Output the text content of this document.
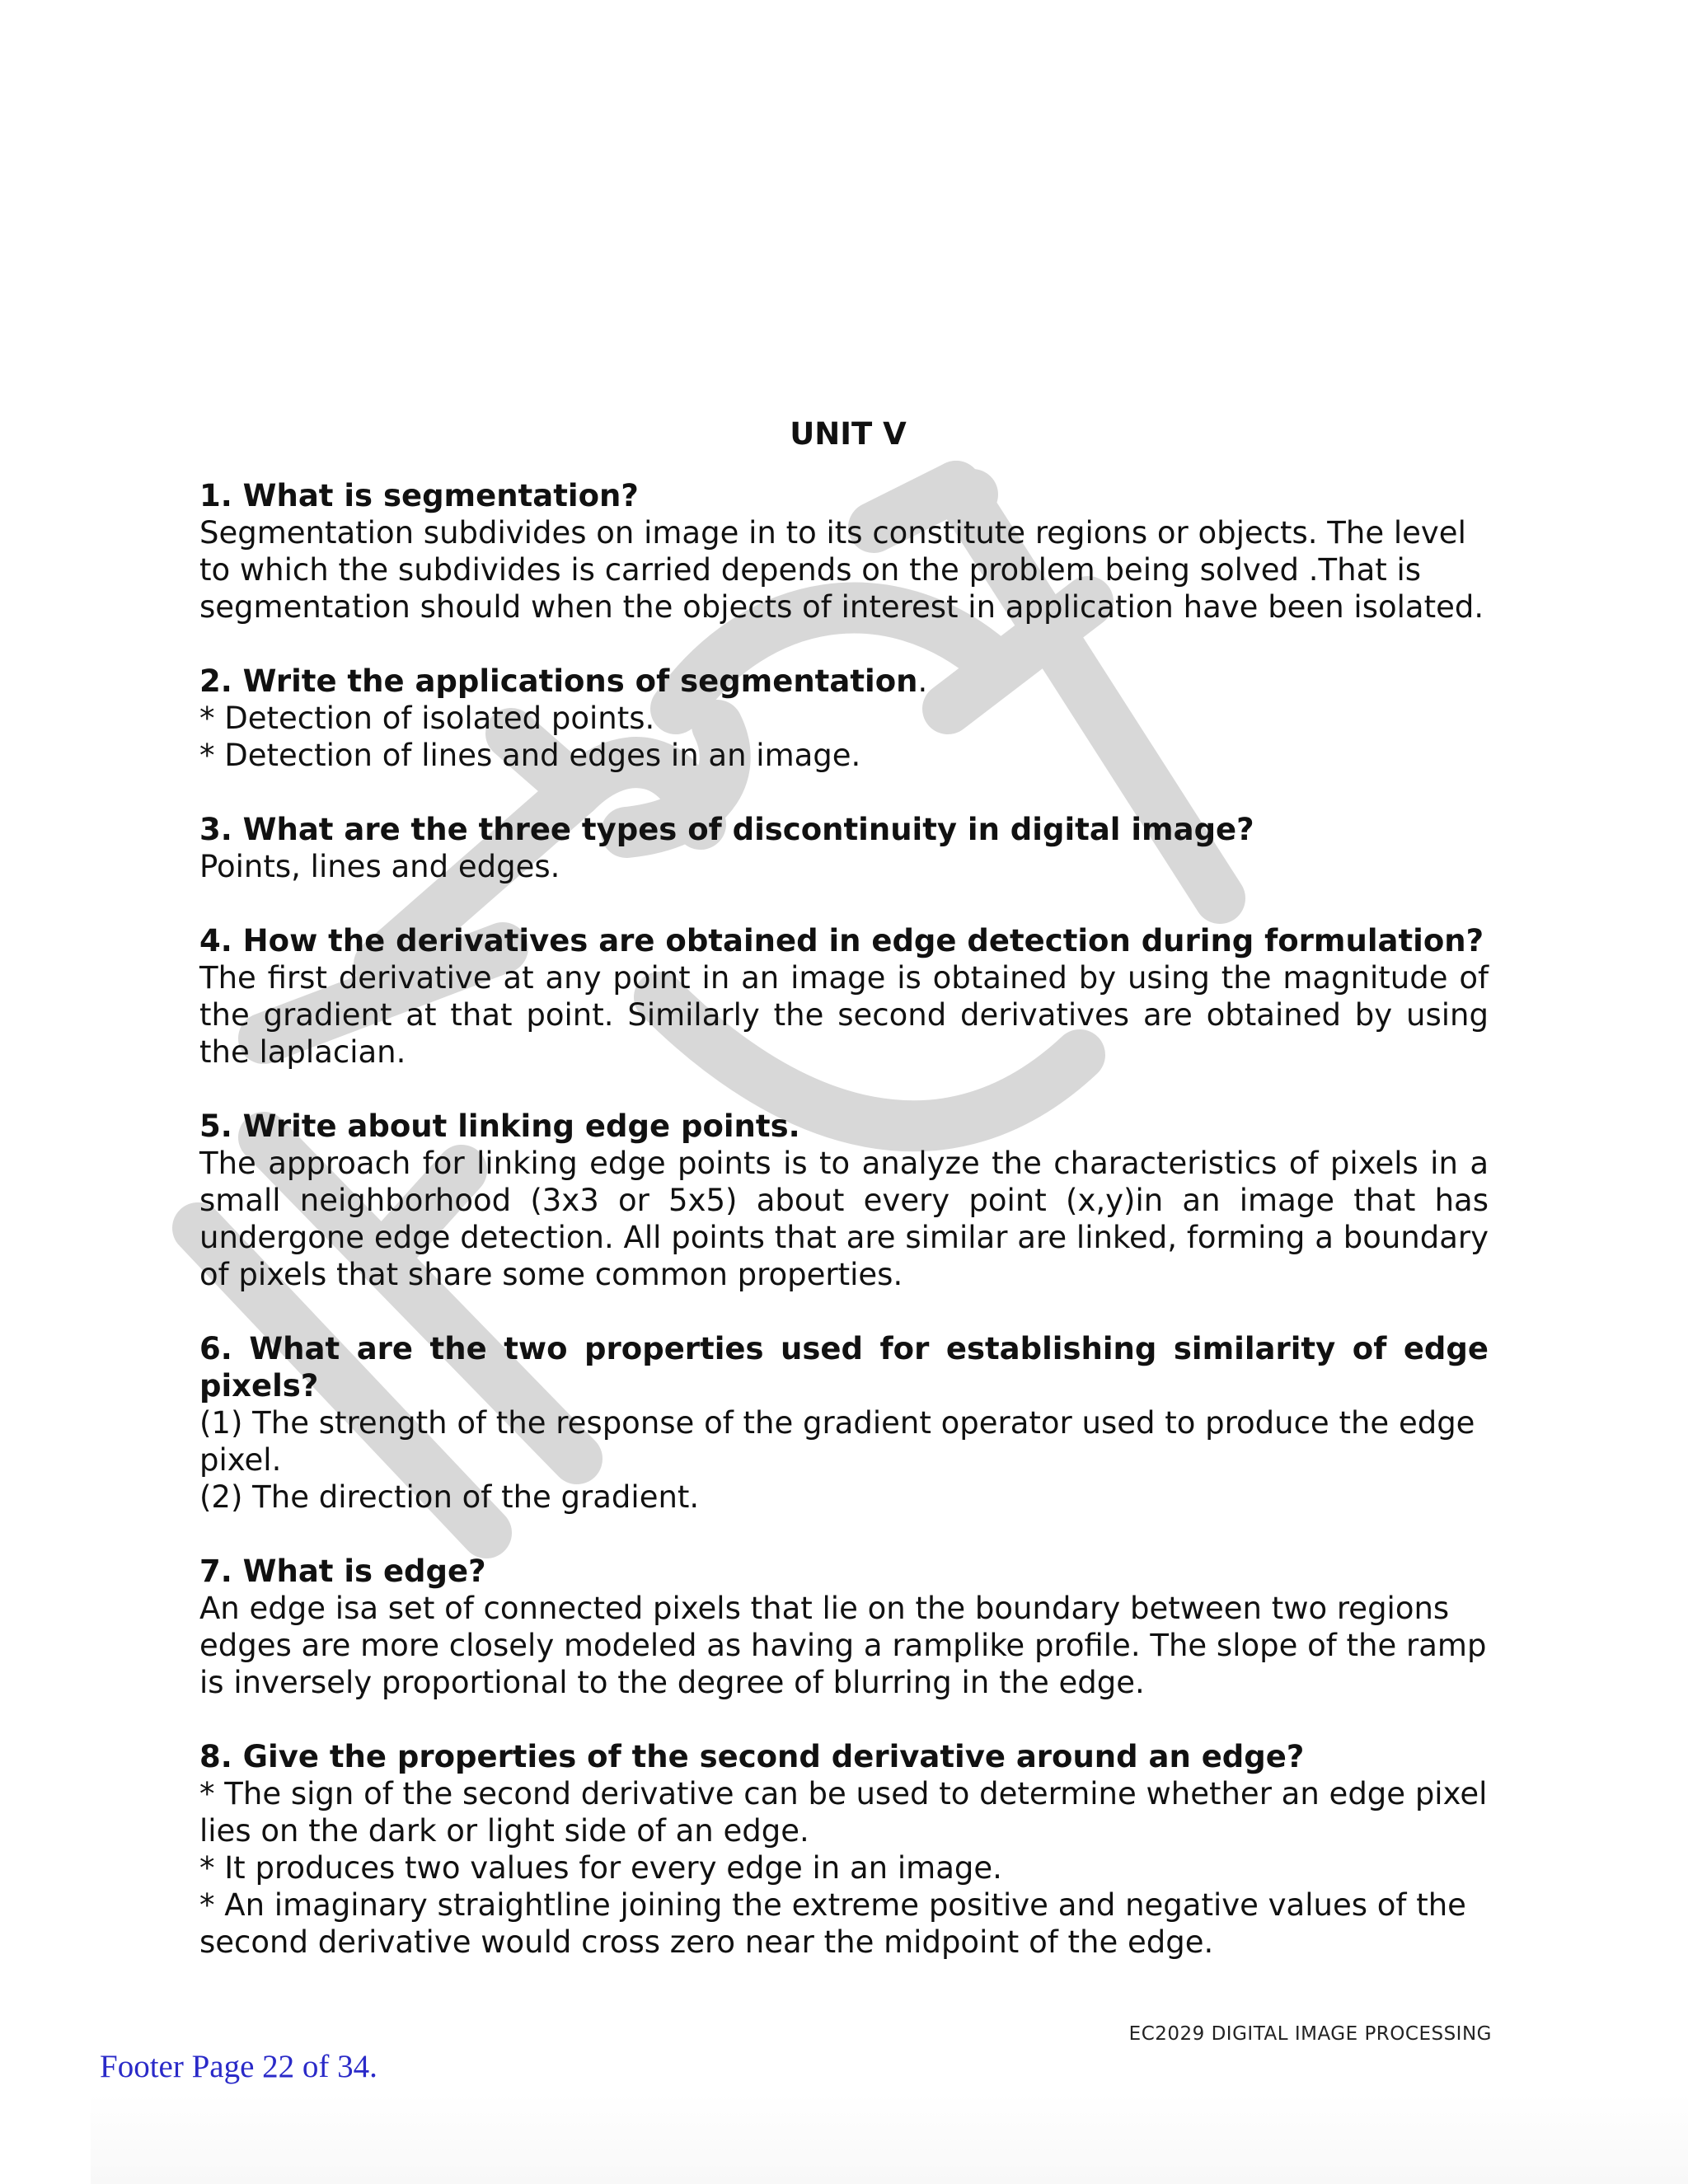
UNIT V

1. What is segmentation?

Segmentation subdivides on image in to its constitute regions or objects. The level to which the subdivides is carried depends on the problem being solved .That is segmentation should when the objects of interest in application have been isolated.

2. Write the applications of segmentation.

* Detection of isolated points.

* Detection of lines and edges in an image.

3. What are the three types of discontinuity in digital image?

Points, lines and edges.

4. How the derivatives are obtained in edge detection during formulation?

The first derivative at any point in an image is obtained by using the magnitude of the gradient at that point. Similarly the second derivatives are obtained by using the laplacian.

5. Write about linking edge points.

The approach for linking edge points is to analyze the characteristics of pixels in a small neighborhood (3x3 or 5x5) about every point (x,y)in an image that has undergone edge detection. All points that are similar are linked, forming a boundary of pixels that share some common properties.

6. What are the two properties used for establishing similarity of edge pixels?

(1) The strength of the response of the gradient operator used to produce the edge pixel.

(2) The direction of the gradient.

7. What is edge?

An edge isa set of connected pixels that lie on the boundary between two regions edges are more closely modeled as having a ramplike profile. The slope of the ramp is inversely proportional to the degree of blurring in the edge.

8. Give the properties of the second derivative around an edge?

* The sign of the second derivative can be used to determine whether an edge pixel lies on the dark or light side of an edge.

* It produces two values for every edge in an image.

* An imaginary straightline joining the extreme positive and negative values of the second derivative would cross zero near the midpoint of the edge.

EC2029 DIGITAL IMAGE PROCESSING
Footer Page 22 of 34.
